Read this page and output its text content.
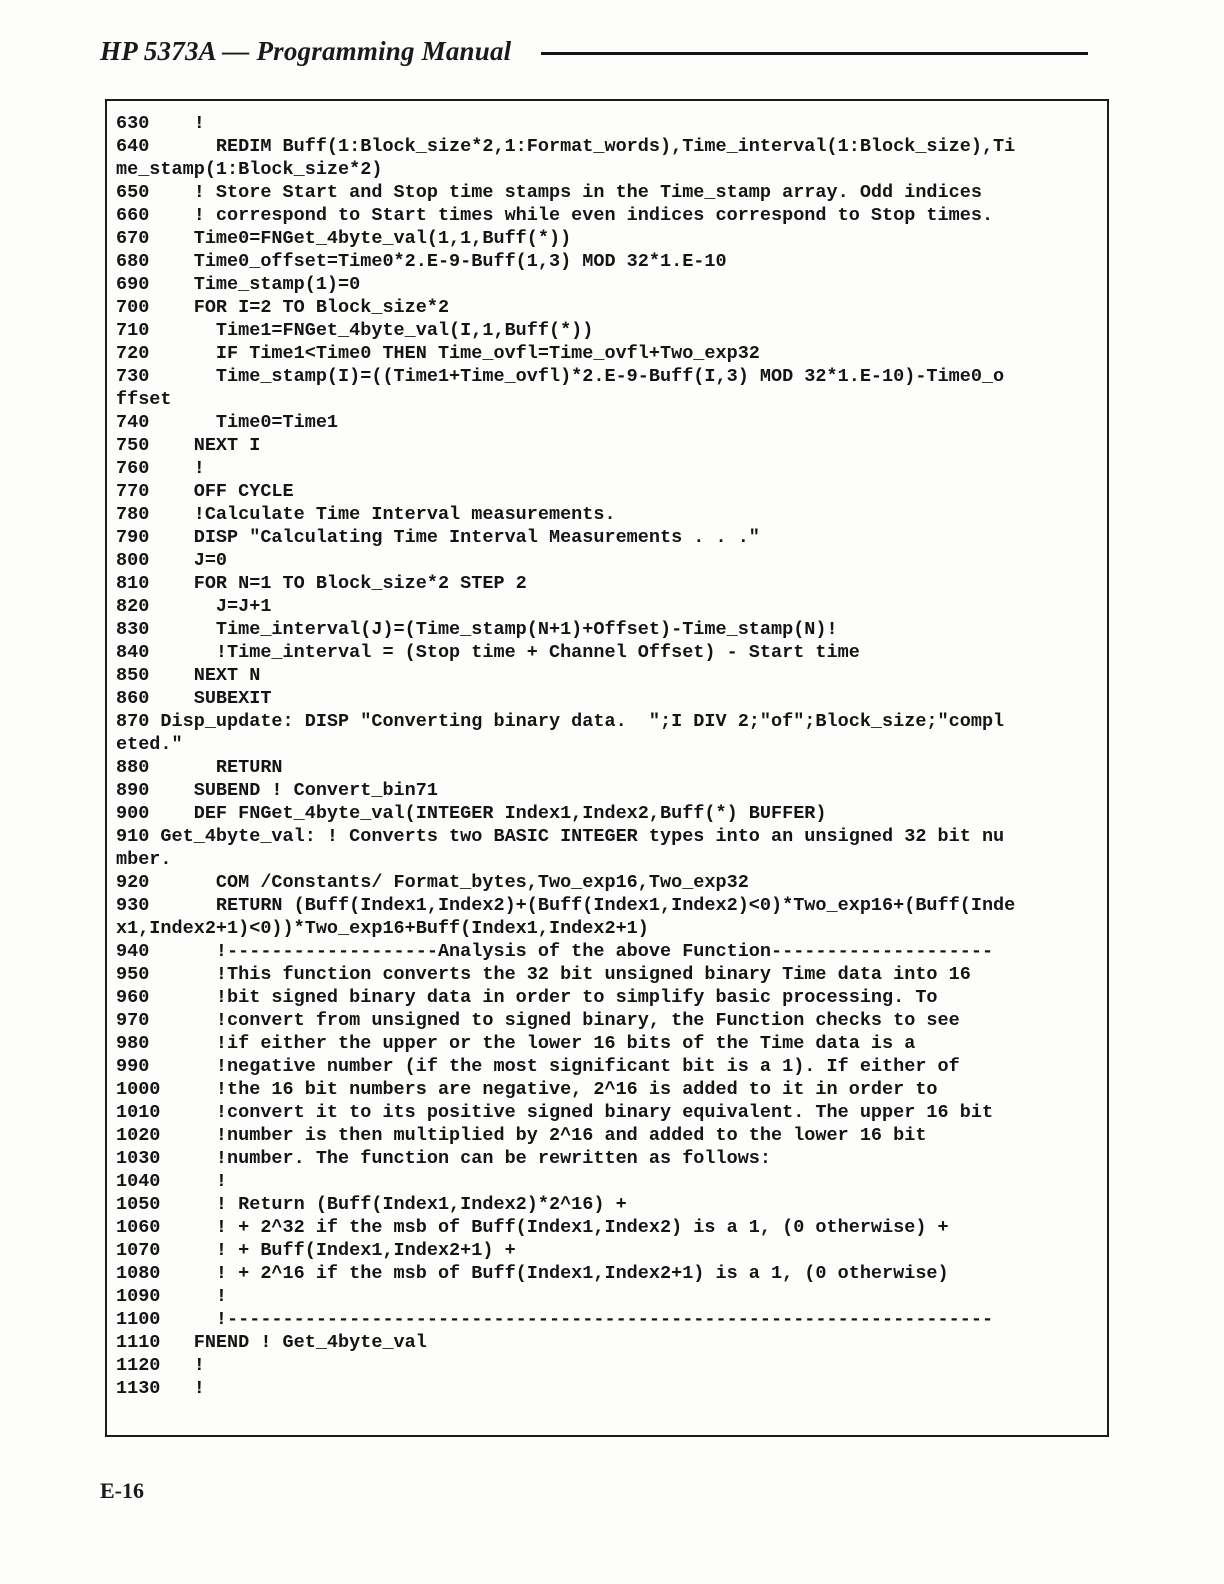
HP 5373A — Programming Manual
630    !
640      REDIM Buff(1:Block_size*2,1:Format_words),Time_interval(1:Block_size),Ti
me_stamp(1:Block_size*2)
650    ! Store Start and Stop time stamps in the Time_stamp array. Odd indices
660    ! correspond to Start times while even indices correspond to Stop times.
670    Time0=FNGet_4byte_val(1,1,Buff(*))
680    Time0_offset=Time0*2.E-9-Buff(1,3) MOD 32*1.E-10
690    Time_stamp(1)=0
700    FOR I=2 TO Block_size*2
710      Time1=FNGet_4byte_val(I,1,Buff(*))
720      IF Time1<Time0 THEN Time_ovfl=Time_ovfl+Two_exp32
730      Time_stamp(I)=((Time1+Time_ovfl)*2.E-9-Buff(I,3) MOD 32*1.E-10)-Time0_o
ffset
740      Time0=Time1
750    NEXT I
760    !
770    OFF CYCLE
780    !Calculate Time Interval measurements.
790    DISP "Calculating Time Interval Measurements . . ."
800    J=0
810    FOR N=1 TO Block_size*2 STEP 2
820      J=J+1
830      Time_interval(J)=(Time_stamp(N+1)+Offset)-Time_stamp(N)!
840      !Time_interval = (Stop time + Channel Offset) - Start time
850    NEXT N
860    SUBEXIT
870 Disp_update: DISP "Converting binary data.  ";I DIV 2;"of";Block_size;"compl
eted."
880      RETURN
890    SUBEND ! Convert_bin71
900    DEF FNGet_4byte_val(INTEGER Index1,Index2,Buff(*) BUFFER)
910 Get_4byte_val: ! Converts two BASIC INTEGER types into an unsigned 32 bit nu
mber.
920      COM /Constants/ Format_bytes,Two_exp16,Two_exp32
930      RETURN (Buff(Index1,Index2)+(Buff(Index1,Index2)<0)*Two_exp16+(Buff(Inde
x1,Index2+1)<0))*Two_exp16+Buff(Index1,Index2+1)
940      !-------------------Analysis of the above Function--------------------
950      !This function converts the 32 bit unsigned binary Time data into 16
960      !bit signed binary data in order to simplify basic processing. To
970      !convert from unsigned to signed binary, the Function checks to see
980      !if either the upper or the lower 16 bits of the Time data is a
990      !negative number (if the most significant bit is a 1). If either of
1000     !the 16 bit numbers are negative, 2^16 is added to it in order to
1010     !convert it to its positive signed binary equivalent. The upper 16 bit
1020     !number is then multiplied by 2^16 and added to the lower 16 bit
1030     !number. The function can be rewritten as follows:
1040     !
1050     ! Return (Buff(Index1,Index2)*2^16) +
1060     ! + 2^32 if the msb of Buff(Index1,Index2) is a 1, (0 otherwise) +
1070     ! + Buff(Index1,Index2+1) +
1080     ! + 2^16 if the msb of Buff(Index1,Index2+1) is a 1, (0 otherwise)
1090     !
1100     !---------------------------------------------------------------------
1110   FNEND ! Get_4byte_val
1120   !
1130   !
E-16
